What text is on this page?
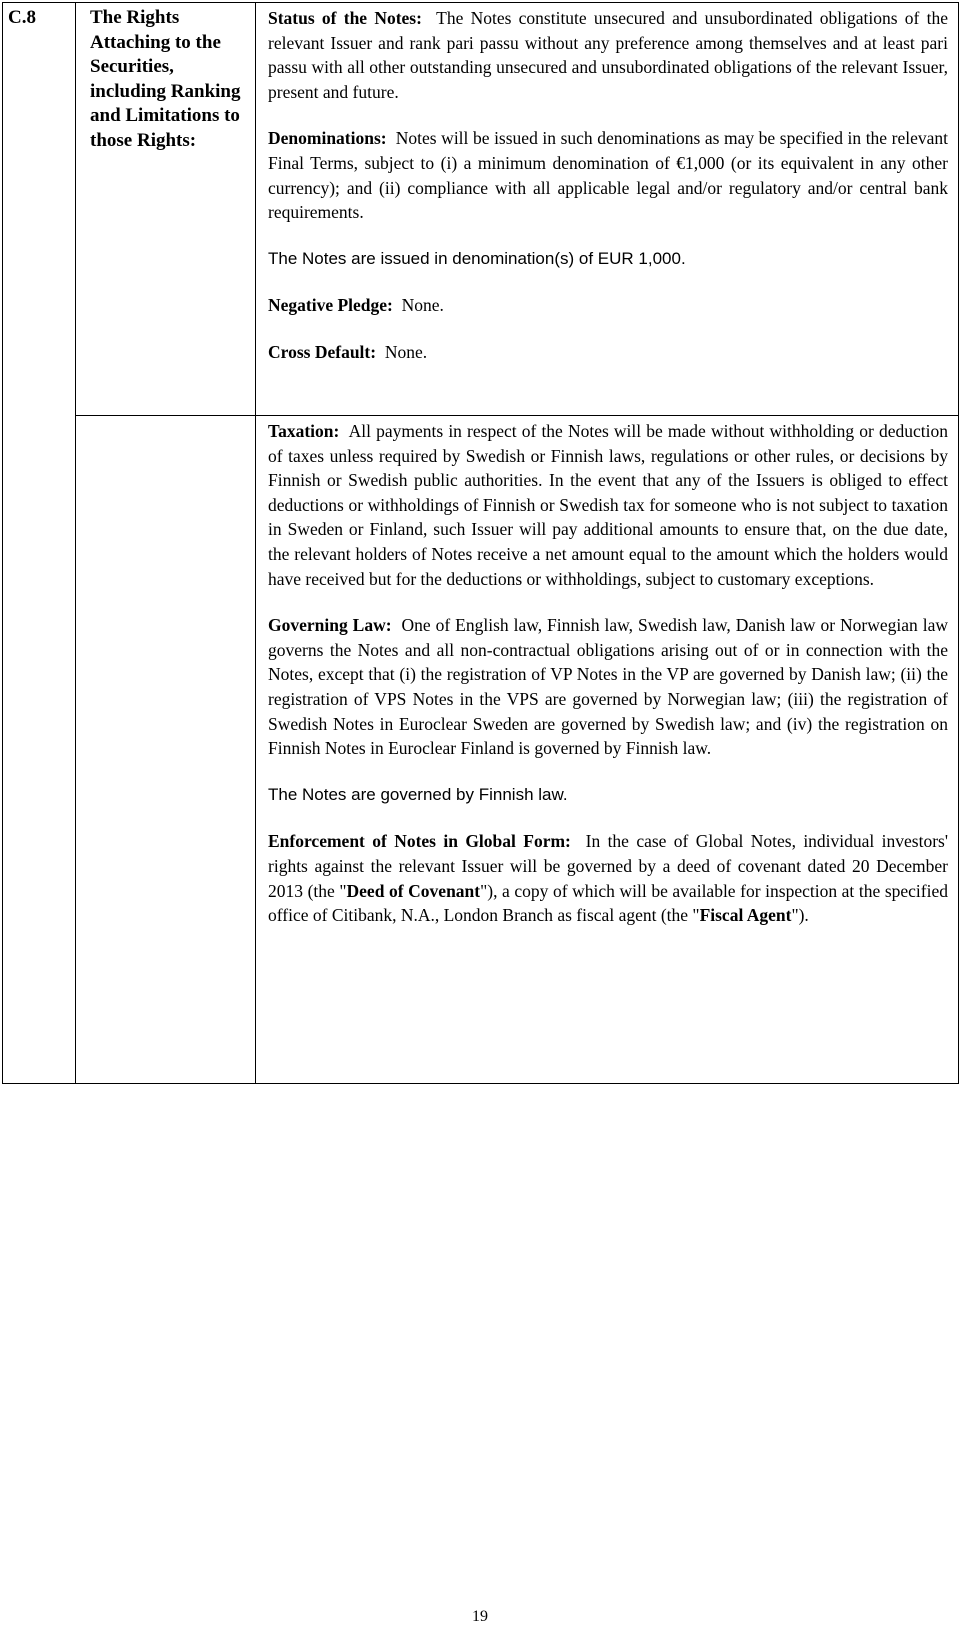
C.8	The Rights Attaching to the Securities, including Ranking and Limitations to those Rights:

Status of the Notes: The Notes constitute unsecured and unsubordinated obligations of the relevant Issuer and rank pari passu without any preference among themselves and at least pari passu with all other outstanding unsecured and unsubordinated obligations of the relevant Issuer, present and future.

Denominations: Notes will be issued in such denominations as may be specified in the relevant Final Terms, subject to (i) a minimum denomination of €1,000 (or its equivalent in any other currency); and (ii) compliance with all applicable legal and/or regulatory and/or central bank requirements.

The Notes are issued in denomination(s) of EUR 1,000.

Negative Pledge: None.

Cross Default: None.

Taxation: All payments in respect of the Notes will be made without withholding or deduction of taxes unless required by Swedish or Finnish laws, regulations or other rules, or decisions by Finnish or Swedish public authorities. In the event that any of the Issuers is obliged to effect deductions or withholdings of Finnish or Swedish tax for someone who is not subject to taxation in Sweden or Finland, such Issuer will pay additional amounts to ensure that, on the due date, the relevant holders of Notes receive a net amount equal to the amount which the holders would have received but for the deductions or withholdings, subject to customary exceptions.

Governing Law: One of English law, Finnish law, Swedish law, Danish law or Norwegian law governs the Notes and all non-contractual obligations arising out of or in connection with the Notes, except that (i) the registration of VP Notes in the VP are governed by Danish law; (ii) the registration of VPS Notes in the VPS are governed by Norwegian law; (iii) the registration of Swedish Notes in Euroclear Sweden are governed by Swedish law; and (iv) the registration on Finnish Notes in Euroclear Finland is governed by Finnish law.

The Notes are governed by Finnish law.

Enforcement of Notes in Global Form: In the case of Global Notes, individual investors' rights against the relevant Issuer will be governed by a deed of covenant dated 20 December 2013 (the "Deed of Covenant"), a copy of which will be available for inspection at the specified office of Citibank, N.A., London Branch as fiscal agent (the "Fiscal Agent").

19
